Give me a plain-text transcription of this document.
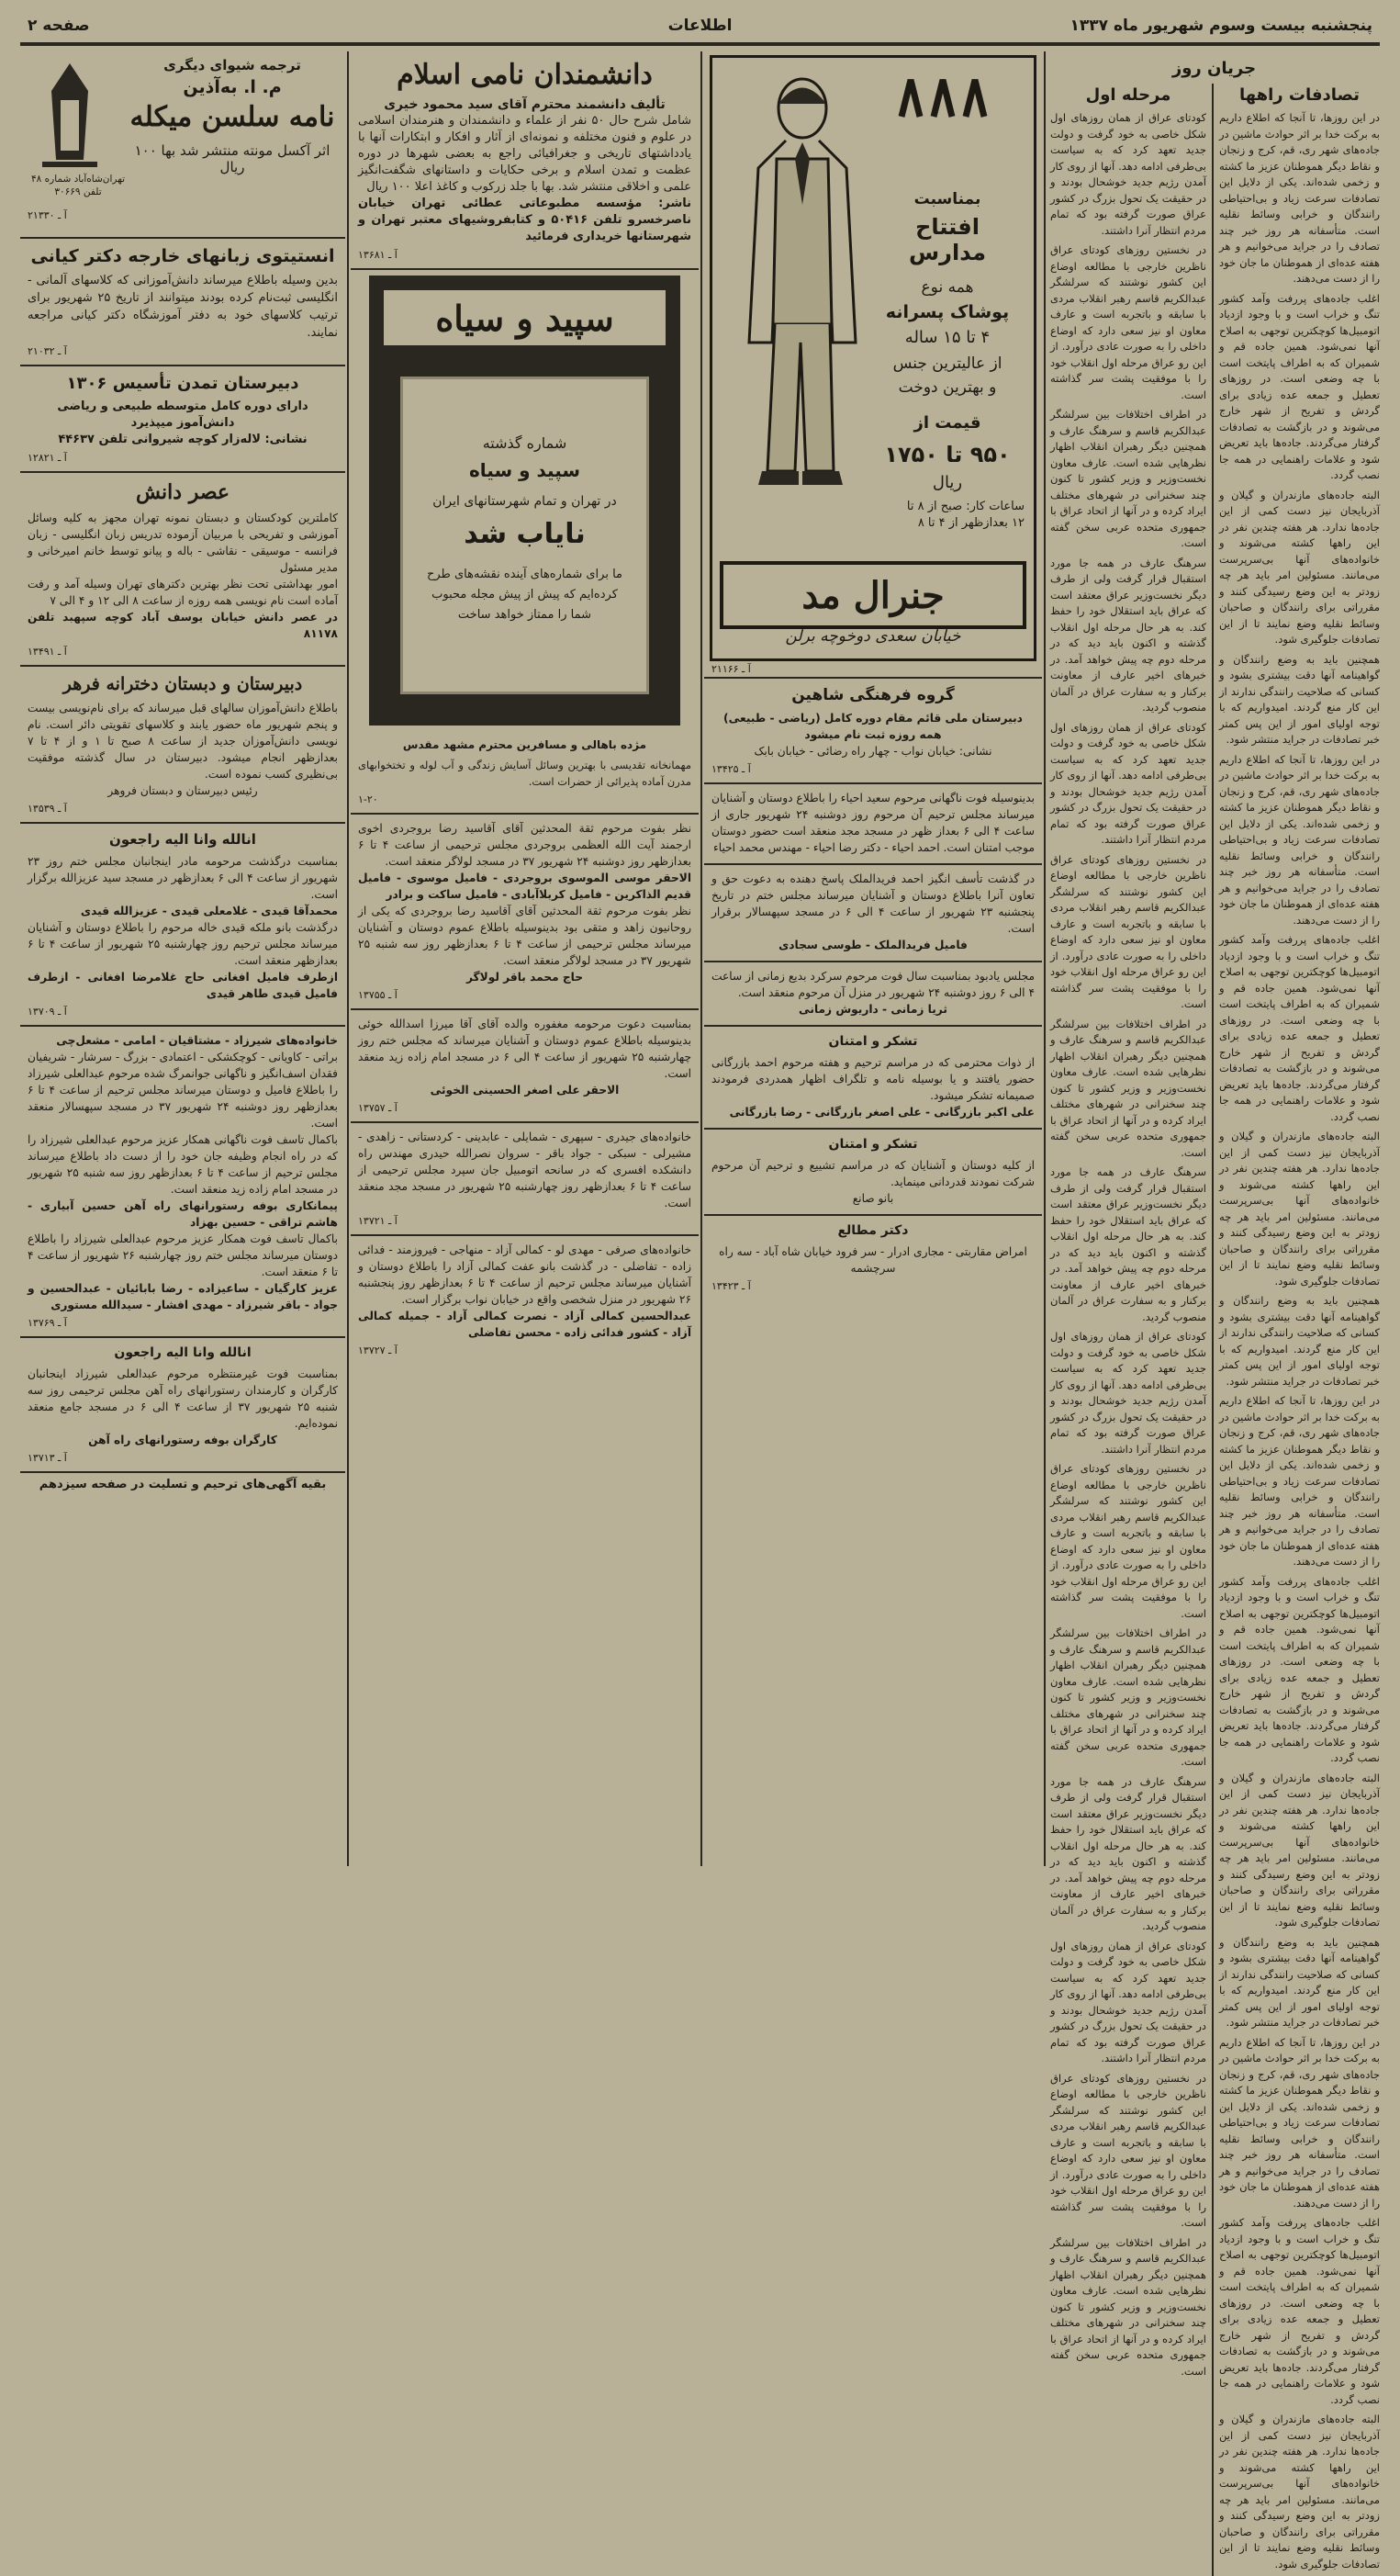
پنجشنبه بیست وسوم شهریور ماه ۱۳۳۷
اطلاعات
صفحه ۲
جریان روز
تصادفات راهها

در این روزها، تا آنجا که اطلاع داریم به برکت خدا بر اثر حوادث ماشین در جاده‌های شهر ری، قم، کرج و زنجان و نقاط دیگر هموطنان عزیز ما کشته و زخمی شده‌اند. یکی از دلایل این تصادفات سرعت زیاد و بی‌احتیاطی رانندگان و خرابی وسائط نقلیه است. متأسفانه هر روز خبر چند تصادف را در جراید می‌خوانیم و هر هفته عده‌ای از هموطنان ما جان خود را از دست می‌دهند.

اغلب جاده‌های پررفت وآمد کشور تنگ و خراب است و با وجود ازدیاد اتومبیل‌ها کوچکترین توجهی به اصلاح آنها نمی‌شود. همین جاده قم و شمیران که به اطراف پایتخت است با چه وضعی است. در روزهای تعطیل و جمعه عده زیادی برای گردش و تفریح از شهر خارج می‌شوند و در بازگشت به تصادفات گرفتار می‌گردند. جاده‌ها باید تعریض شود و علامات راهنمایی در همه جا نصب گردد.

البته جاده‌های مازندران و گیلان و آذربایجان نیز دست کمی از این جاده‌ها ندارد. هر هفته چندین نفر در این راهها کشته می‌شوند و خانواده‌های آنها بی‌سرپرست می‌مانند. مسئولین امر باید هر چه زودتر به این وضع رسیدگی کنند و مقرراتی برای رانندگان و صاحبان وسائط نقلیه وضع نمایند تا از این تصادفات جلوگیری شود.

همچنین باید به وضع رانندگان و گواهینامه آنها دقت بیشتری بشود و کسانی که صلاحیت رانندگی ندارند از این کار منع گردند. امیدواریم که با توجه اولیای امور از این پس کمتر خبر تصادفات در جراید منتشر شود.

در این روزها، تا آنجا که اطلاع داریم به برکت خدا بر اثر حوادث ماشین در جاده‌های شهر ری، قم، کرج و زنجان و نقاط دیگر هموطنان عزیز ما کشته و زخمی شده‌اند. یکی از دلایل این تصادفات سرعت زیاد و بی‌احتیاطی رانندگان و خرابی وسائط نقلیه است. متأسفانه هر روز خبر چند تصادف را در جراید می‌خوانیم و هر هفته عده‌ای از هموطنان ما جان خود را از دست می‌دهند.

اغلب جاده‌های پررفت وآمد کشور تنگ و خراب است و با وجود ازدیاد اتومبیل‌ها کوچکترین توجهی به اصلاح آنها نمی‌شود. همین جاده قم و شمیران که به اطراف پایتخت است با چه وضعی است. در روزهای تعطیل و جمعه عده زیادی برای گردش و تفریح از شهر خارج می‌شوند و در بازگشت به تصادفات گرفتار می‌گردند. جاده‌ها باید تعریض شود و علامات راهنمایی در همه جا نصب گردد.

البته جاده‌های مازندران و گیلان و آذربایجان نیز دست کمی از این جاده‌ها ندارد. هر هفته چندین نفر در این راهها کشته می‌شوند و خانواده‌های آنها بی‌سرپرست می‌مانند. مسئولین امر باید هر چه زودتر به این وضع رسیدگی کنند و مقرراتی برای رانندگان و صاحبان وسائط نقلیه وضع نمایند تا از این تصادفات جلوگیری شود.

همچنین باید به وضع رانندگان و گواهینامه آنها دقت بیشتری بشود و کسانی که صلاحیت رانندگی ندارند از این کار منع گردند. امیدواریم که با توجه اولیای امور از این پس کمتر خبر تصادفات در جراید منتشر شود.

در این روزها، تا آنجا که اطلاع داریم به برکت خدا بر اثر حوادث ماشین در جاده‌های شهر ری، قم، کرج و زنجان و نقاط دیگر هموطنان عزیز ما کشته و زخمی شده‌اند. یکی از دلایل این تصادفات سرعت زیاد و بی‌احتیاطی رانندگان و خرابی وسائط نقلیه است. متأسفانه هر روز خبر چند تصادف را در جراید می‌خوانیم و هر هفته عده‌ای از هموطنان ما جان خود را از دست می‌دهند.

اغلب جاده‌های پررفت وآمد کشور تنگ و خراب است و با وجود ازدیاد اتومبیل‌ها کوچکترین توجهی به اصلاح آنها نمی‌شود. همین جاده قم و شمیران که به اطراف پایتخت است با چه وضعی است. در روزهای تعطیل و جمعه عده زیادی برای گردش و تفریح از شهر خارج می‌شوند و در بازگشت به تصادفات گرفتار می‌گردند. جاده‌ها باید تعریض شود و علامات راهنمایی در همه جا نصب گردد.

البته جاده‌های مازندران و گیلان و آذربایجان نیز دست کمی از این جاده‌ها ندارد. هر هفته چندین نفر در این راهها کشته می‌شوند و خانواده‌های آنها بی‌سرپرست می‌مانند. مسئولین امر باید هر چه زودتر به این وضع رسیدگی کنند و مقرراتی برای رانندگان و صاحبان وسائط نقلیه وضع نمایند تا از این تصادفات جلوگیری شود.

همچنین باید به وضع رانندگان و گواهینامه آنها دقت بیشتری بشود و کسانی که صلاحیت رانندگی ندارند از این کار منع گردند. امیدواریم که با توجه اولیای امور از این پس کمتر خبر تصادفات در جراید منتشر شود.

در این روزها، تا آنجا که اطلاع داریم به برکت خدا بر اثر حوادث ماشین در جاده‌های شهر ری، قم، کرج و زنجان و نقاط دیگر هموطنان عزیز ما کشته و زخمی شده‌اند. یکی از دلایل این تصادفات سرعت زیاد و بی‌احتیاطی رانندگان و خرابی وسائط نقلیه است. متأسفانه هر روز خبر چند تصادف را در جراید می‌خوانیم و هر هفته عده‌ای از هموطنان ما جان خود را از دست می‌دهند.

اغلب جاده‌های پررفت وآمد کشور تنگ و خراب است و با وجود ازدیاد اتومبیل‌ها کوچکترین توجهی به اصلاح آنها نمی‌شود. همین جاده قم و شمیران که به اطراف پایتخت است با چه وضعی است. در روزهای تعطیل و جمعه عده زیادی برای گردش و تفریح از شهر خارج می‌شوند و در بازگشت به تصادفات گرفتار می‌گردند. جاده‌ها باید تعریض شود و علامات راهنمایی در همه جا نصب گردد.

البته جاده‌های مازندران و گیلان و آذربایجان نیز دست کمی از این جاده‌ها ندارد. هر هفته چندین نفر در این راهها کشته می‌شوند و خانواده‌های آنها بی‌سرپرست می‌مانند. مسئولین امر باید هر چه زودتر به این وضع رسیدگی کنند و مقرراتی برای رانندگان و صاحبان وسائط نقلیه وضع نمایند تا از این تصادفات جلوگیری شود.

مرحله اول

کودتای عراق از همان روزهای اول شکل خاصی به خود گرفت و دولت جدید تعهد کرد که به سیاست بی‌طرفی ادامه دهد. آنها از روی کار آمدن رژیم جدید خوشحال بودند و در حقیقت یک تحول بزرگ در کشور عراق صورت گرفته بود که تمام مردم انتظار آنرا داشتند.

در نخستین روزهای کودتای عراق ناظرین خارجی با مطالعه اوضاع این کشور نوشتند که سرلشگر عبدالکریم قاسم رهبر انقلاب مردی با سابقه و باتجربه است و عارف معاون او نیز سعی دارد که اوضاع داخلی را به صورت عادی درآورد. از این رو عراق مرحله اول انقلاب خود را با موفقیت پشت سر گذاشته است.

در اطراف اختلافات بین سرلشگر عبدالکریم قاسم و سرهنگ عارف و همچنین دیگر رهبران انقلاب اظهار نظرهایی شده است. عارف معاون نخست‌وزیر و وزیر کشور تا کنون چند سخنرانی در شهرهای مختلف ایراد کرده و در آنها از اتحاد عراق با جمهوری متحده عربی سخن گفته است.

سرهنگ عارف در همه جا مورد استقبال قرار گرفت ولی از طرف دیگر نخست‌وزیر عراق معتقد است که عراق باید استقلال خود را حفظ کند. به هر حال مرحله اول انقلاب گذشته و اکنون باید دید که در مرحله دوم چه پیش خواهد آمد. در خبرهای اخیر عارف از معاونت برکنار و به سفارت عراق در آلمان منصوب گردید.

کودتای عراق از همان روزهای اول شکل خاصی به خود گرفت و دولت جدید تعهد کرد که به سیاست بی‌طرفی ادامه دهد. آنها از روی کار آمدن رژیم جدید خوشحال بودند و در حقیقت یک تحول بزرگ در کشور عراق صورت گرفته بود که تمام مردم انتظار آنرا داشتند.

در نخستین روزهای کودتای عراق ناظرین خارجی با مطالعه اوضاع این کشور نوشتند که سرلشگر عبدالکریم قاسم رهبر انقلاب مردی با سابقه و باتجربه است و عارف معاون او نیز سعی دارد که اوضاع داخلی را به صورت عادی درآورد. از این رو عراق مرحله اول انقلاب خود را با موفقیت پشت سر گذاشته است.

در اطراف اختلافات بین سرلشگر عبدالکریم قاسم و سرهنگ عارف و همچنین دیگر رهبران انقلاب اظهار نظرهایی شده است. عارف معاون نخست‌وزیر و وزیر کشور تا کنون چند سخنرانی در شهرهای مختلف ایراد کرده و در آنها از اتحاد عراق با جمهوری متحده عربی سخن گفته است.

سرهنگ عارف در همه جا مورد استقبال قرار گرفت ولی از طرف دیگر نخست‌وزیر عراق معتقد است که عراق باید استقلال خود را حفظ کند. به هر حال مرحله اول انقلاب گذشته و اکنون باید دید که در مرحله دوم چه پیش خواهد آمد. در خبرهای اخیر عارف از معاونت برکنار و به سفارت عراق در آلمان منصوب گردید.

کودتای عراق از همان روزهای اول شکل خاصی به خود گرفت و دولت جدید تعهد کرد که به سیاست بی‌طرفی ادامه دهد. آنها از روی کار آمدن رژیم جدید خوشحال بودند و در حقیقت یک تحول بزرگ در کشور عراق صورت گرفته بود که تمام مردم انتظار آنرا داشتند.

در نخستین روزهای کودتای عراق ناظرین خارجی با مطالعه اوضاع این کشور نوشتند که سرلشگر عبدالکریم قاسم رهبر انقلاب مردی با سابقه و باتجربه است و عارف معاون او نیز سعی دارد که اوضاع داخلی را به صورت عادی درآورد. از این رو عراق مرحله اول انقلاب خود را با موفقیت پشت سر گذاشته است.

در اطراف اختلافات بین سرلشگر عبدالکریم قاسم و سرهنگ عارف و همچنین دیگر رهبران انقلاب اظهار نظرهایی شده است. عارف معاون نخست‌وزیر و وزیر کشور تا کنون چند سخنرانی در شهرهای مختلف ایراد کرده و در آنها از اتحاد عراق با جمهوری متحده عربی سخن گفته است.

سرهنگ عارف در همه جا مورد استقبال قرار گرفت ولی از طرف دیگر نخست‌وزیر عراق معتقد است که عراق باید استقلال خود را حفظ کند. به هر حال مرحله اول انقلاب گذشته و اکنون باید دید که در مرحله دوم چه پیش خواهد آمد. در خبرهای اخیر عارف از معاونت برکنار و به سفارت عراق در آلمان منصوب گردید.

کودتای عراق از همان روزهای اول شکل خاصی به خود گرفت و دولت جدید تعهد کرد که به سیاست بی‌طرفی ادامه دهد. آنها از روی کار آمدن رژیم جدید خوشحال بودند و در حقیقت یک تحول بزرگ در کشور عراق صورت گرفته بود که تمام مردم انتظار آنرا داشتند.

در نخستین روزهای کودتای عراق ناظرین خارجی با مطالعه اوضاع این کشور نوشتند که سرلشگر عبدالکریم قاسم رهبر انقلاب مردی با سابقه و باتجربه است و عارف معاون او نیز سعی دارد که اوضاع داخلی را به صورت عادی درآورد. از این رو عراق مرحله اول انقلاب خود را با موفقیت پشت سر گذاشته است.

در اطراف اختلافات بین سرلشگر عبدالکریم قاسم و سرهنگ عارف و همچنین دیگر رهبران انقلاب اظهار نظرهایی شده است. عارف معاون نخست‌وزیر و وزیر کشور تا کنون چند سخنرانی در شهرهای مختلف ایراد کرده و در آنها از اتحاد عراق با جمهوری متحده عربی سخن گفته است.

بمناسبت
افتتاح مدارس
همه نوع
پوشاک پسرانه
۴ تا ۱۵ ساله
از عالیترین جنس
و بهترین دوخت
قیمت از
۹۵۰ تا ۱۷۵۰
ریال
جنرال مد
ساعات کار: صبح از ۸ تا ۱۲ بعدازظهر از ۴ تا ۸
خیابان سعدی دوخوچه برلن
آ ـ ۲۱۱۶۶
گروه فرهنگی شاهین
دبیرستان ملی قائم مقام دوره کامل (ریاضی - طبیعی) همه روزه ثبت نام میشود
نشانی: خیابان نواب - چهار راه رضائی - خیابان بابک
آ ـ ۱۳۴۲۵
بدینوسیله فوت ناگهانی مرحوم سعید احیاء را باطلاع دوستان و آشنایان میرساند مجلس ترحیم آن مرحوم روز دوشنبه ۲۴ شهریور جاری از ساعت ۴ الی ۶ بعداز ظهر در مسجد مجد منعقد است حضور دوستان موجب امتنان است. احمد احیاء - دکتر رضا احیاء - مهندس محمد احیاء
در گذشت تأسف انگیز احمد فریدالملک پاسخ دهنده به دعوت حق و تعاون آنرا باطلاع دوستان و آشنایان میرساند مجلس ختم در تاریخ پنجشنبه ۲۳ شهریور از ساعت ۴ الی ۶ در مسجد سپهسالار برقرار است.
فامیل فریدالملک - طوسی سجادی
مجلس یادبود بمناسبت سال فوت مرحوم سرکرد بدیع زمانی از ساعت ۴ الی ۶ روز دوشنبه ۲۴ شهریور در منزل آن مرحوم منعقد است.
ثریا زمانی - داریوش زمانی
تشکر و امتنان
از ذوات محترمی که در مراسم ترحیم و هفته مرحوم احمد بازرگانی حضور یافتند و یا بوسیله نامه و تلگراف اظهار همدردی فرمودند صمیمانه تشکر میشود.
علی اکبر بازرگانی - علی اصغر بازرگانی - رضا بازرگانی
تشکر و امتنان
از کلیه دوستان و آشنایان که در مراسم تشییع و ترحیم آن مرحوم شرکت نمودند قدردانی مینماید.
بانو صانع
دکتر مطالع
امراض مقاربتی - مجاری ادرار - سر فرود خیابان شاه آباد - سه راه سرچشمه
آ ـ ۱۳۴۲۳
دانشمندان نامی اسلام
تألیف دانشمند محترم آقای سید محمود خیری
شامل شرح حال ۵۰ نفر از علماء و دانشمندان و هنرمندان اسلامی در علوم و فنون مختلفه و نمونه‌ای از آثار و افکار و ابتکارات آنها با یادداشتهای تاریخی و جغرافیائی راجع به بعضی شهرها در دوره عظمت و تمدن اسلام و برخی حکایات و داستانهای شگفت‌انگیز علمی و اخلاقی منتشر شد. بها با جلد زرکوب و کاغذ اعلا ۱۰۰ ریال
ناشر: مؤسسه مطبوعاتی عطائی تهران خیابان ناصرخسرو تلفن ۵۰۴۱۶ و کتابفروشیهای معتبر تهران و شهرستانها خریداری فرمائید
آ ـ ۱۳۶۸۱
سپید و سیاه
شماره گذشته
سپید و سیاه
در تهران و تمام شهرستانهای ایران
نایاب شد
ما برای شماره‌های آینده نقشه‌های طرح کرده‌ایم که پیش از پیش مجله محبوب شما را ممتاز خواهد ساخت
مژده باهالی و مسافرین محترم مشهد مقدس
مهمانخانه تقدیسی با بهترین وسائل آسایش زندگی و آب لوله و تختخوابهای مدرن آماده پذیرائی از حضرات است.
۱-۲۰
نظر بفوت مرحوم ثقة المحدثین آقای آقاسید رضا بروجردی اخوی ارجمند آیت الله العظمی بروجردی مجلس ترحیمی از ساعت ۴ تا ۶ بعدازظهر روز دوشنبه ۲۴ شهریور ۳۷ در مسجد لولاگر منعقد است.
الاحقر موسی الموسوی بروجردی - فامیل موسوی - فامیل قدیم الذاکرین - فامیل کربلاآبادی - فامیل ساکت و برادر
نظر بفوت مرحوم ثقة المحدثین آقای آقاسید رضا بروجردی که یکی از روحانیون زاهد و متقی بود بدینوسیله باطلاع عموم دوستان و آشنایان میرساند مجلس ترحیمی از ساعت ۴ تا ۶ بعدازظهر روز سه شنبه ۲۵ شهریور ۳۷ در مسجد لولاگر منعقد است.
حاج محمد باقر لولاگر
آ ـ ۱۳۷۵۵
بمناسبت دعوت مرحومه مغفوره والده آقای آقا میرزا اسدالله خوئی بدینوسیله باطلاع عموم دوستان و آشنایان میرساند که مجلس ختم روز چهارشنبه ۲۵ شهریور از ساعت ۴ الی ۶ در مسجد امام زاده زید منعقد است.
الاحقر علی اصغر الحسینی الخوئی
آ ـ ۱۳۷۵۷
خانواده‌های جیدری - سپهری - شمایلی - عابدینی - کردستانی - زاهدی - مشیرلی - سبکی - جواد باقر - سروان نصرالله حیدری مهندس راه دانشکده افسری که در سانحه اتومبیل جان سپرد مجلس ترحیمی از ساعت ۴ تا ۶ بعدازظهر روز چهارشنبه ۲۵ شهریور در مسجد مجد منعقد است.
آ ـ ۱۳۷۲۱
خانواده‌های صرفی - مهدی لو - کمالی آزاد - منهاجی - فیروزمند - فدائی زاده - تفاضلی - در گذشت بانو عفت کمالی آزاد را باطلاع دوستان و آشنایان میرساند مجلس ترحیم از ساعت ۴ تا ۶ بعدازظهر روز پنجشنبه ۲۶ شهریور در منزل شخصی واقع در خیابان نواب برگزار است.
عبدالحسین کمالی آزاد - نصرت کمالی آزاد - جمیله کمالی آزاد - کشور فدائی زاده - محسن تفاضلی
آ ـ ۱۳۷۲۷
ترجمه شیوای دیگری
م. ا. به‌آذین
نامه سلسن میکله
اثر آکسل مونته منتشر شد بها ۱۰۰ ریال
تهران‌شاه‌آباد شماره ۴۸ تلفن ۳۰۶۶۹
آ ـ ۲۱۳۳۰
انستیتوی زبانهای خارجه دکتر کیانی
بدین وسیله باطلاع میرساند دانش‌آموزانی که کلاسهای آلمانی - انگلیسی ثبت‌نام کرده بودند میتوانند از تاریخ ۲۵ شهریور برای ترتیب کلاسهای خود به دفتر آموزشگاه دکتر کیانی مراجعه نمایند.
آ ـ ۲۱۰۳۲
دبیرستان تمدن تأسیس ۱۳۰۶
دارای دوره کامل متوسطه طبیعی و ریاضی دانش‌آموز میپذیرد
نشانی: لاله‌زار کوچه شیروانی تلفن ۴۴۶۳۷
آ ـ ۱۲۸۲۱
عصر دانش
کاملترین کودکستان و دبستان نمونه تهران مجهز به کلیه وسائل آموزشی و تفریحی با مربیان آزموده تدریس زبان انگلیسی - زبان فرانسه - موسیقی - نقاشی - باله و پیانو توسط خانم امیرخانی و مدیر مسئول
امور بهداشتی تحت نظر بهترین دکترهای تهران وسیله آمد و رفت آماده است نام نویسی همه روزه از ساعت ۸ الی ۱۲ و ۴ الی ۷
در عصر دانش خیابان یوسف آباد کوچه سپهبد تلفن ۸۱۱۷۸
آ ـ ۱۳۴۹۱
دبیرستان و دبستان دخترانه فرهر
باطلاع دانش‌آموزان سالهای قبل میرساند که برای نام‌نویسی بیست و پنجم شهریور ماه حضور یابند و کلاسهای تقویتی دائر است. نام نویسی دانش‌آموزان جدید از ساعت ۸ صبح تا ۱ و از ۴ تا ۷ بعدازظهر انجام میشود. دبیرستان در سال گذشته موفقیت بی‌نظیری کسب نموده است.
رئیس دبیرستان و دبستان فروهر
آ ـ ۱۳۵۳۹
انالله وانا الیه راجعون
بمناسبت درگذشت مرحومه مادر اینجانبان مجلس ختم روز ۲۳ شهریور از ساعت ۴ الی ۶ بعدازظهر در مسجد سید عزیزالله برگزار است.
محمدآقا قیدی - غلامعلی قیدی - عزیزالله قیدی
درگذشت بانو ملکه قیدی خاله مرحوم را باطلاع دوستان و آشنایان میرساند مجلس ترحیم روز چهارشنبه ۲۵ شهریور از ساعت ۴ تا ۶ بعدازظهر منعقد است.
ازطرف فامیل افغانی حاج غلامرضا افغانی - ازطرف فامیل قیدی طاهر قیدی
آ ـ ۱۳۷۰۹
خانواده‌های شیرزاد - مشتاقیان - امامی - مشعل‌چی
براتی - کاویانی - کوچکشکی - اعتمادی - بزرگ - سرشار - شریفیان فقدان اسف‌انگیز و ناگهانی جوانمرگ شده مرحوم عبدالعلی شیرزاد را باطلاع فامیل و دوستان میرساند مجلس ترحیم از ساعت ۴ تا ۶ بعدازظهر روز دوشنبه ۲۴ شهریور ۳۷ در مسجد سپهسالار منعقد است.
باکمال تاسف فوت ناگهانی همکار عزیز مرحوم عبدالعلی شیرزاد را که در راه انجام وظیفه جان خود را از دست داد باطلاع میرساند مجلس ترحیم از ساعت ۴ تا ۶ بعدازظهر روز سه شنبه ۲۵ شهریور در مسجد امام زاده زید منعقد است.
پیمانکاری بوفه رستورانهای راه آهن حسین آبیاری - هاشم تراقی - حسین بهزاد
باکمال تاسف فوت همکار عزیز مرحوم عبدالعلی شیرزاد را باطلاع دوستان میرساند مجلس ختم روز چهارشنبه ۲۶ شهریور از ساعت ۴ تا ۶ منعقد است.
عزیز کارگیان - ساعیزاده - رضا بابائیان - عبدالحسین و جواد - باقر شیرزاد - مهدی افشار - سیدالله مستوری
آ ـ ۱۳۷۶۹
انالله وانا الیه راجعون
بمناسبت فوت غیرمنتظره مرحوم عبدالعلی شیرزاد اینجانبان کارگران و کارمندان رستورانهای راه آهن مجلس ترحیمی روز سه شنبه ۲۵ شهریور ۳۷ از ساعت ۴ الی ۶ در مسجد جامع منعقد نموده‌ایم.
کارگران بوفه رستورانهای راه آهن
آ ـ ۱۳۷۱۳
بقیه آگهی‌های ترحیم و تسلیت در صفحه سیزدهم
